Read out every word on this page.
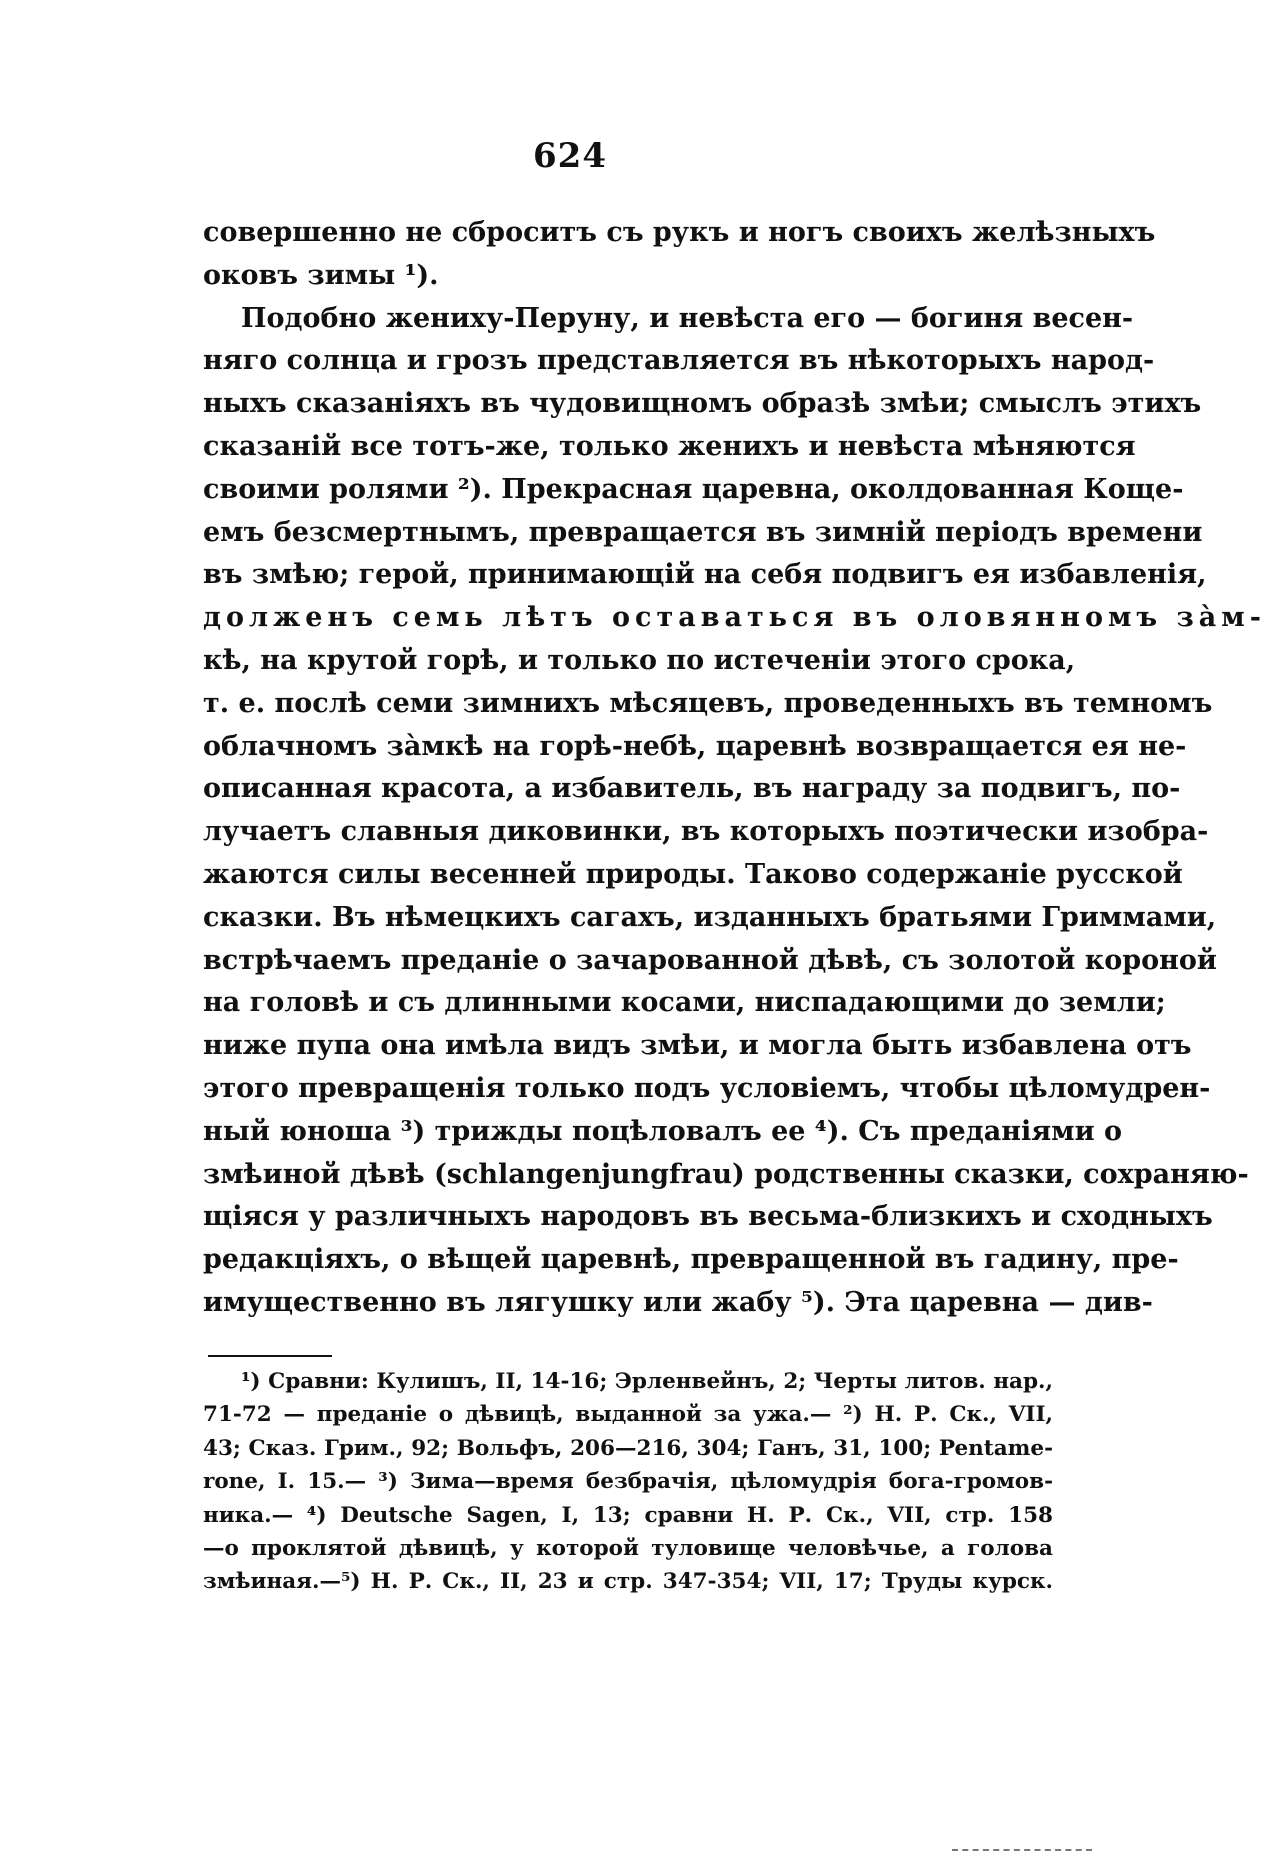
624
совершенно не сброситъ съ рукъ и ногъ своихъ желѣзныхъ
оковъ зимы ¹).
Подобно жениху-Перуну, и невѣста его — богиня весен-
няго солнца и грозъ представляется въ нѣкоторыхъ народ-
ныхъ сказаніяхъ въ чудовищномъ образѣ змѣи; смыслъ этихъ
сказаній все тотъ-же, только женихъ и невѣста мѣняются
своими ролями ²). Прекрасная царевна, околдованная Коще-
емъ безсмертнымъ, превращается въ зимній періодъ времени
въ змѣю; герой, принимающій на себя подвигъ ея избавленія,
долженъ семь лѣтъ оставаться въ оловянномъ зàм-
кѣ, на крутой горѣ, и только по истеченіи этого срока,
т. е. послѣ семи зимнихъ мѣсяцевъ, проведенныхъ въ темномъ
облачномъ зàмкѣ на горѣ-небѣ, царевнѣ возвращается ея не-
описанная красота, а избавитель, въ награду за подвигъ, по-
лучаетъ славныя диковинки, въ которыхъ поэтически изобра-
жаются силы весенней природы. Таково содержаніе русской
сказки. Въ нѣмецкихъ сагахъ, изданныхъ братьями Гриммами,
встрѣчаемъ преданіе о зачарованной дѣвѣ, съ золотой короной
на головѣ и съ длинными косами, ниспадающими до земли;
ниже пупа она имѣла видъ змѣи, и могла быть избавлена отъ
этого превращенія только подъ условіемъ, чтобы цѣломудрен-
ный юноша ³) трижды поцѣловалъ ее ⁴). Съ преданіями о
змѣиной дѣвѣ (schlangenjungfrau) родственны сказки, сохраняю-
щіяся у различныхъ народовъ въ весьма-близкихъ и сходныхъ
редакціяхъ, о вѣщей царевнѣ, превращенной въ гадину, пре-
имущественно въ лягушку или жабу ⁵). Эта царевна — див-
¹) Сравни: Кулишъ, II, 14-16; Эрленвейнъ, 2; Черты литов. нар.,
71-72 — преданіе о дѣвицѣ, выданной за ужа.— ²) Н. Р. Ск., VII,
43; Сказ. Грим., 92; Вольфъ, 206—216, 304; Ганъ, 31, 100; Pentame-
rone, I. 15.— ³) Зима—время безбрачія, цѣломудрія бога-громов-
ника.— ⁴) Deutsche Sagen, I, 13; сравни Н. Р. Ск., VII, стр. 158
—о проклятой дѣвицѣ, у которой туловище человѣчье, а голова
змѣиная.—⁵) Н. Р. Ск., II, 23 и стр. 347-354; VII, 17; Труды курск.
